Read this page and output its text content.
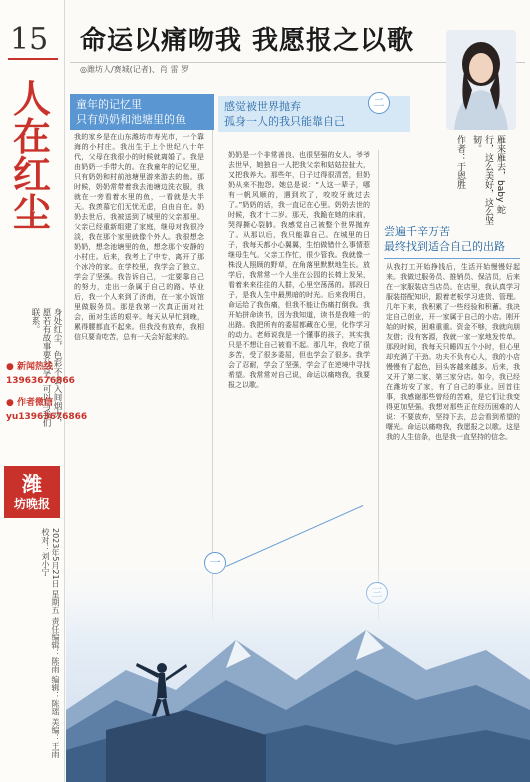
15
人
在
红
尘
身处红尘，色彩不会入间烟火，愿若有故事要分享，可以与我们联系。
● 新闻热线
13963676866
● 作者微信
yu13963676866
潍
坊晚报
2023年5月21日 星期五 责任编辑：陈雨 编辑：陈瑶 美编：王雨 校对：刘小宁
命运以痛吻我 我愿报之以歌
◎潍坊人/赛城(记者)、肖 雷 罗
雁来雁去，baby 蛇行，这么美好，这么坚韧。
作者：于恩胜
童年的记忆里
只有奶奶和池塘里的鱼
我的家乡是在山东潍坊市寿光市，一个靠海的小村庄。我出生于上个世纪八十年代，父母在我很小的时候就离婚了。我是由奶奶一手带大的。在我童年的记忆里，只有奶奶和村前池塘里游来游去的鱼。那时候，奶奶常带着我去池塘边洗衣服，我就在一旁看着水里的鱼，一看就是大半天。我羡慕它们无忧无虑，自由自在。奶奶去世后，我被送到了城里的父亲那里。父亲已经重新组建了家庭，继母对我很冷淡，我在那个家里就像个外人。我很想念奶奶，想念池塘里的鱼，想念那个安静的小村庄。后来，我考上了中专，离开了那个冰冷的家。在学校里，我学会了独立，学会了坚强。我告诉自己，一定要靠自己的努力，走出一条属于自己的路。毕业后，我一个人来到了济南，在一家小饭馆里做服务员。那是我第一次真正面对社会，面对生活的艰辛。每天从早忙到晚，累得腰都直不起来。但我没有放弃，我相信只要肯吃苦，总有一天会好起来的。
感觉被世界抛弃
孤身一人的我只能靠自己
二
奶奶是一个非常善良、也很坚强的女人。爷爷去世早，她独自一人把我父亲和姑姑拉扯大，又把我养大。那些年，日子过得很清苦，但奶奶从来不抱怨。她总是说：“人这一辈子，哪有一帆风顺的，遇到坎了，咬咬牙就过去了。”奶奶的话，我一直记在心里。奶奶去世的时候，我才十二岁。那天，我跪在她的床前，哭得撕心裂肺。我感觉自己被整个世界抛弃了。从那以后，我只能靠自己。在城里的日子，我每天都小心翼翼，生怕做错什么事情惹继母生气。父亲工作忙，很少管我。我就像一株没人照顾的野草，在角落里默默地生长。放学后，我常常一个人坐在公园的长椅上发呆，看着来来往往的人群，心里空荡荡的。那段日子，是我人生中最黑暗的时光。后来我明白，命运给了我伤痛，但我不能让伤痛打倒我。我开始拼命读书，因为我知道，读书是我唯一的出路。我把所有的委屈都藏在心里，化作学习的动力。老师说我是一个懂事的孩子，其实我只是不想让自己被看不起。那几年，我吃了很多苦，受了很多委屈，但也学会了很多。我学会了忍耐，学会了坚强，学会了在逆境中寻找希望。我常常对自己说，命运以痛吻我，我要报之以歌。
尝遍千辛万苦
最终找到适合自己的出路
从我打工开始挣钱后，生活开始慢慢好起来。我做过服务员、推销员、保洁员，后来在一家服装店当店员。在店里，我认真学习服装搭配知识，跟着老板学习进货、管理。几年下来，我积累了一些经验和积蓄。我决定自己创业，开一家属于自己的小店。刚开始的时候，困难重重。资金不够，我就向朋友借；没有客源，我就一家一家地发传单。那段时间，我每天只睡四五个小时，但心里却充满了干劲。功夫不负有心人，我的小店慢慢有了起色，回头客越来越多。后来，我又开了第二家、第三家分店。如今，我已经在潍坊安了家，有了自己的事业。回首往事，我感谢那些曾经的苦难，是它们让我变得更加坚强。我想对那些正在经历困难的人说：不要放弃，坚持下去，总会看到希望的曙光。命运以痛吻我，我愿报之以歌。这是我的人生信条，也是我一直坚持的信念。
